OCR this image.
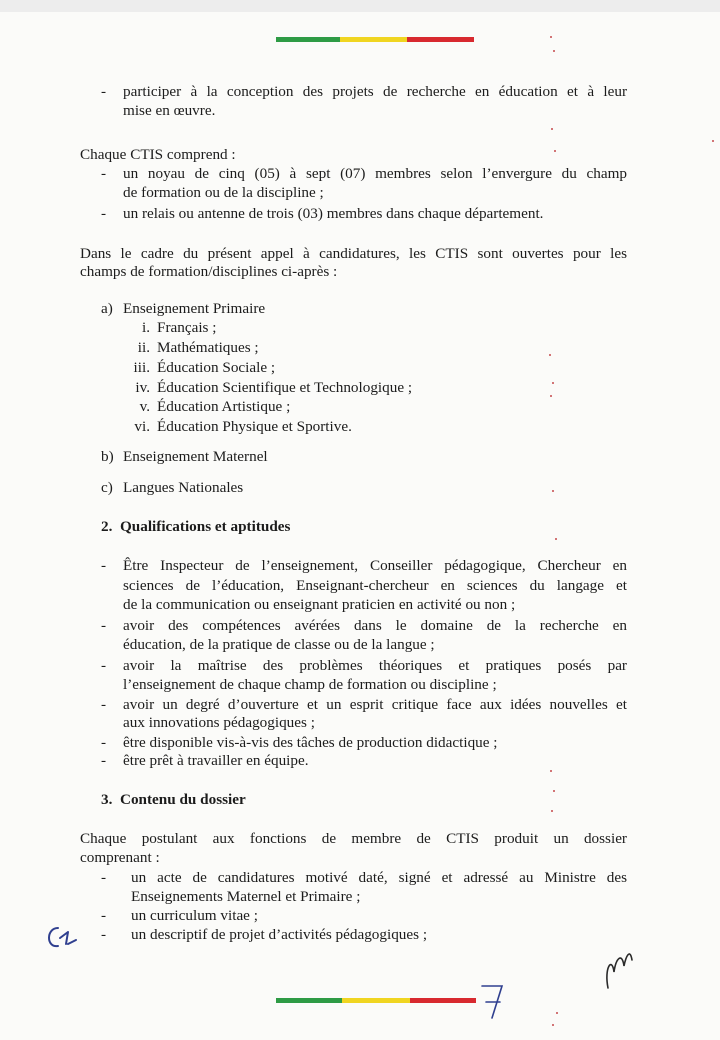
- participer à la conception des projets de recherche en éducation et à leur
mise en œuvre.
Chaque CTIS comprend :
- un noyau de cinq (05) à sept (07) membres selon l’envergure du champ
de formation ou de la discipline ;
- un relais ou antenne de trois (03) membres dans chaque département.
Dans le cadre du présent appel à candidatures, les CTIS sont ouvertes pour les
champs de formation/disciplines ci-après :
a) Enseignement Primaire
i. Français ;
ii. Mathématiques ;
iii. Éducation Sociale ;
iv. Éducation Scientifique et Technologique ;
v. Éducation Artistique ;
vi. Éducation Physique et Sportive.
b) Enseignement Maternel
c) Langues Nationales
2.  Qualifications et aptitudes
- Être Inspecteur de l’enseignement, Conseiller pédagogique, Chercheur en
sciences de l’éducation, Enseignant-chercheur en sciences du langage et
de la communication ou enseignant praticien en activité ou non ;
- avoir des compétences avérées dans le domaine de la recherche en
éducation, de la pratique de classe ou de la langue ;
- avoir la maîtrise des problèmes théoriques et pratiques posés par
l’enseignement de chaque champ de formation ou discipline ;
- avoir un degré d’ouverture et un esprit critique face aux idées nouvelles et
aux innovations pédagogiques ;
- être disponible vis-à-vis des tâches de production didactique ;
- être prêt à travailler en équipe.
3.  Contenu du dossier
Chaque postulant aux fonctions de membre de CTIS produit un dossier
comprenant :
- un acte de candidatures motivé daté, signé et adressé au Ministre des
Enseignements Maternel et Primaire ;
- un curriculum vitae ;
- un descriptif de projet d’activités pédagogiques ;
